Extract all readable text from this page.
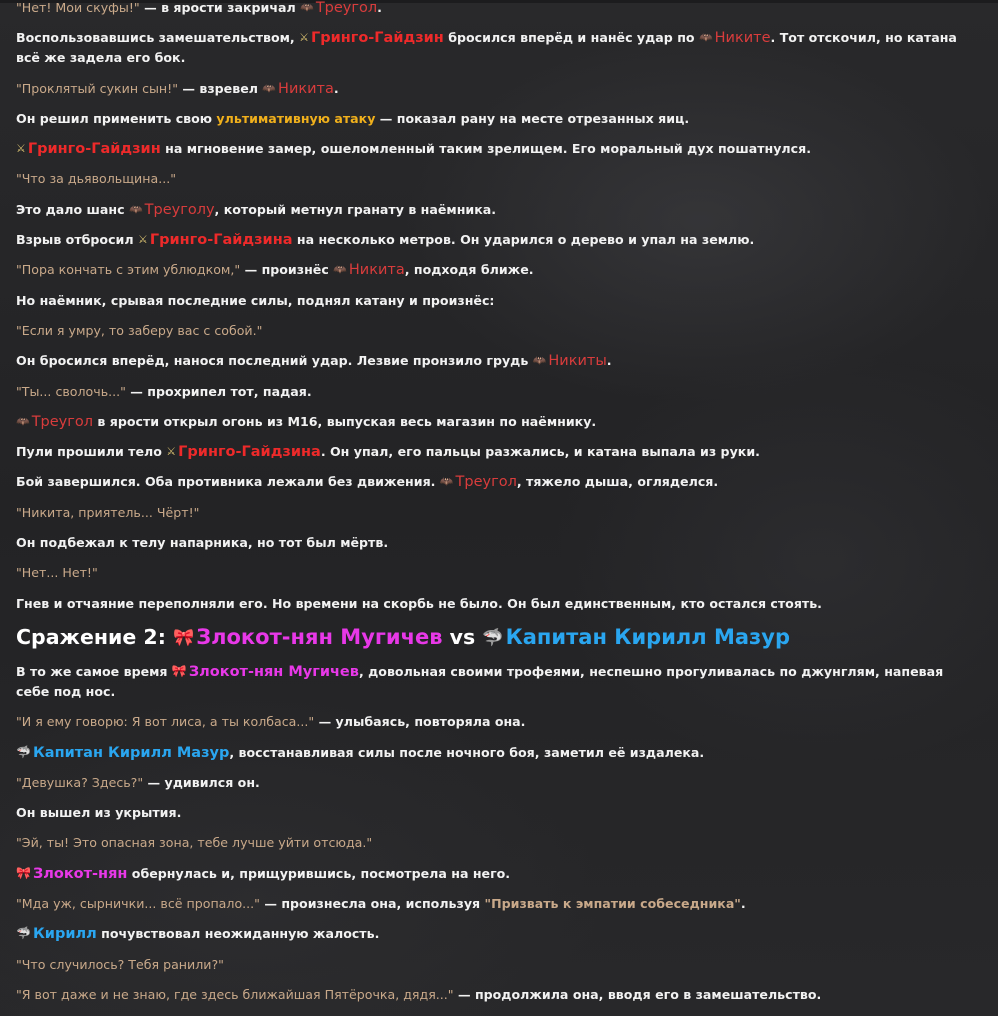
"Нет! Мои скуфы!" — в ярости закричал 🦇 Треугол.

Воспользовавшись замешательством, ⚔ Гринго-Гайдзин бросился вперёд и нанёс удар по 🦇 Никите. Тот отскочил, но катана всё же задела его бок.

"Проклятый сукин сын!" — взревел 🦇 Никита.

Он решил применить свою ультимативную атаку — показал рану на месте отрезанных яиц.

⚔ Гринго-Гайдзин на мгновение замер, ошеломленный таким зрелищем. Его моральный дух пошатнулся.

"Что за дьявольщина..."

Это дало шанс 🦇 Треуголу, который метнул гранату в наёмника.

Взрыв отбросил ⚔ Гринго-Гайдзина на несколько метров. Он ударился о дерево и упал на землю.

"Пора кончать с этим ублюдком," — произнёс 🦇 Никита, подходя ближе.

Но наёмник, срывая последние силы, поднял катану и произнёс:

"Если я умру, то заберу вас с собой."

Он бросился вперёд, нанося последний удар. Лезвие пронзило грудь 🦇 Никиты.

"Ты... сволочь..." — прохрипел тот, падая.

🦇 Треугол в ярости открыл огонь из M16, выпуская весь магазин по наёмнику.

Пули прошили тело ⚔ Гринго-Гайдзина. Он упал, его пальцы разжались, и катана выпала из руки.

Бой завершился. Оба противника лежали без движения. 🦇 Треугол, тяжело дыша, огляделся.

"Никита, приятель... Чёрт!"

Он подбежал к телу напарника, но тот был мёртв.

"Нет... Нет!"

Гнев и отчаяние переполняли его. Но времени на скорбь не было. Он был единственным, кто остался стоять.

Сражение 2: 🎀Злокот-нян Мугичев vs 🦈Капитан Кирилл Мазур

В то же самое время 🎀 Злокот-нян Мугичев, довольная своими трофеями, неспешно прогуливалась по джунглям, напевая себе под нос.

"И я ему говорю: Я вот лиса, а ты колбаса..." — улыбаясь, повторяла она.

🦈 Капитан Кирилл Мазур, восстанавливая силы после ночного боя, заметил её издалека.

"Девушка? Здесь?" — удивился он.

Он вышел из укрытия.

"Эй, ты! Это опасная зона, тебе лучше уйти отсюда."

🎀 Злокот-нян обернулась и, прищурившись, посмотрела на него.

"Мда уж, сырнички... всё пропало..." — произнесла она, используя "Призвать к эмпатии собеседника".

🦈 Кирилл почувствовал неожиданную жалость.

"Что случилось? Тебя ранили?"

"Я вот даже и не знаю, где здесь ближайшая Пятёрочка, дядя..." — продолжила она, вводя его в замешательство.
